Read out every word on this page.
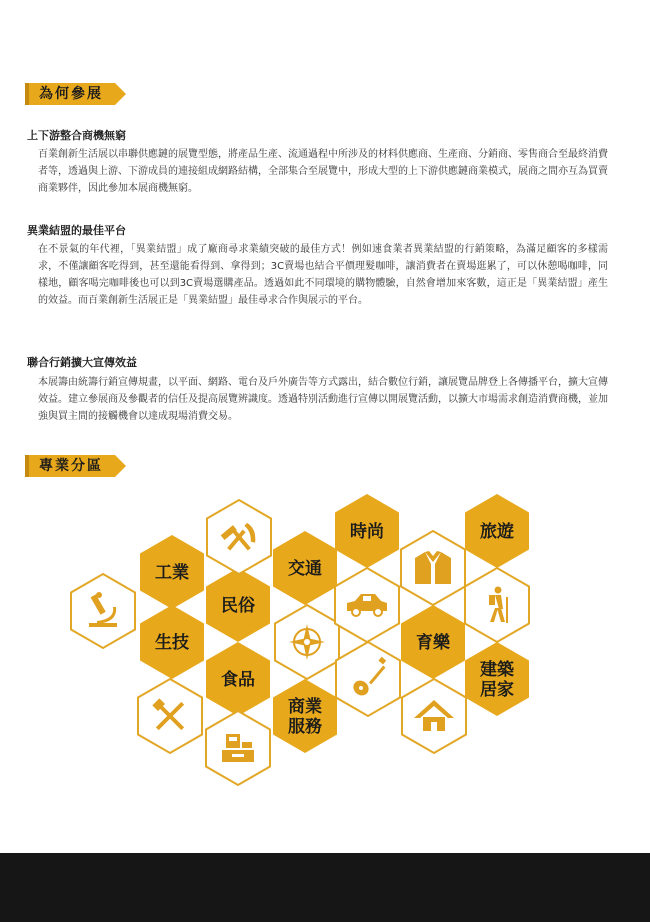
為何參展
上下游整合商機無窮
百業創新生活展以串聯供應鏈的展覽型態，將產品生產、流通過程中所涉及的材料供應商、生產商、分銷商、零售商合至最終消費者等，透過與上游、下游成員的連接組成網路結構，全部集合至展覽中，形成大型的上下游供應鏈商業模式，展商之間亦互為買賣商業夥伴，因此參加本展商機無窮。
異業結盟的最佳平台
在不景氣的年代裡，「異業結盟」成了廠商尋求業績突破的最佳方式！例如速食業者異業結盟的行銷策略，為滿足顧客的多樣需求，不僅讓顧客吃得到，甚至還能看得到、拿得到；3C賣場也結合平價理髮咖啡，讓消費者在賣場逛累了，可以休憩喝咖啡，同樣地，顧客喝完咖啡後也可以到3C賣場選購產品。透過如此不同環境的購物體驗，自然會增加來客數，這正是「異業結盟」產生的效益。而百業創新生活展正是「異業結盟」最佳尋求合作與展示的平台。
聯合行銷擴大宣傳效益
本展籌由統籌行銷宣傳規畫，以平面、網路、電台及戶外廣告等方式露出，結合數位行銷，讓展覽品牌登上各傳播平台，擴大宣傳效益。建立參展商及參觀者的信任及提高展覽辨識度。透過特別活動進行宣傳以開展覽活動，以擴大市場需求創造消費商機，並加強與買主間的接觸機會以達成現場消費交易。
專業分區
工業
民俗
生技
食品
交通
商業
服務
時尚
育樂
旅遊
建築
居家
